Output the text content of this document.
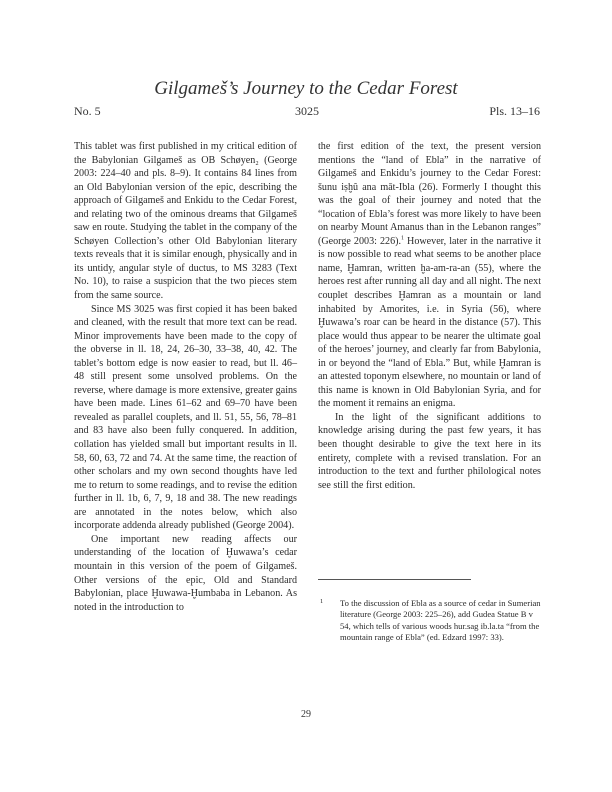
Gilgameš’s Journey to the Cedar Forest
No. 5	3025	Pls. 13–16

This tablet was first published in my critical edition of the Babylonian Gilgameš as OB Schøyen₂ (George 2003: 224–40 and pls. 8–9). It contains 84 lines from an Old Babylonian version of the epic, describing the approach of Gilgameš and Enkidu to the Cedar Forest, and relating two of the ominous dreams that Gilgameš saw en route. Studying the tablet in the company of the Schøyen Collection’s other Old Babylonian literary texts reveals that it is similar enough, physically and in its untidy, angular style of ductus, to MS 3283 (Text No. 10), to raise a suspicion that the two pieces stem from the same source.

Since MS 3025 was first copied it has been baked and cleaned, with the result that more text can be read. Minor improvements have been made to the copy of the obverse in ll. 18, 24, 26–30, 33–38, 40, 42. The tablet’s bottom edge is now easier to read, but ll. 46–48 still present some unsolved problems. On the reverse, where damage is more extensive, greater gains have been made. Lines 61–62 and 69–70 have been revealed as parallel couplets, and ll. 51, 55, 56, 78–81 and 83 have also been fully conquered. In addition, collation has yielded small but important results in ll. 58, 60, 63, 72 and 74. At the same time, the reaction of other scholars and my own second thoughts have led me to return to some readings, and to revise the edition further in ll. 1b, 6, 7, 9, 18 and 38. The new readings are annotated in the notes below, which also incorporate addenda already published (George 2004).

One important new reading affects our understanding of the location of Ḫuwawa’s cedar mountain in this version of the poem of Gilgameš. Other versions of the epic, Old and Standard Babylonian, place Ḫuwawa-Ḫumbaba in Lebanon. As noted in the introduction to

the first edition of the text, the present version mentions the “land of Ebla” in the narrative of Gilgameš and Enkidu’s journey to the Cedar Forest: šunu iṣḫû ana māt-Ibla (26). Formerly I thought this was the goal of their journey and noted that the “location of Ebla’s forest was more likely to have been on nearby Mount Amanus than in the Lebanon ranges” (George 2003: 226).$^1$ However, later in the narrative it is now possible to read what seems to be another place name, Ḫamran, written ḫa-am-ra-an (55), where the heroes rest after running all day and all night. The next couplet describes Ḫamran as a mountain or land inhabited by Amorites, i.e. in Syria (56), where Ḫuwawa’s roar can be heard in the distance (57). This place would thus appear to be nearer the ultimate goal of the heroes’ journey, and clearly far from Babylonia, in or beyond the “land of Ebla.” But, while Ḫamran is an attested toponym elsewhere, no mountain or land of this name is known in Old Babylonian Syria, and for the moment it remains an enigma.

In the light of the significant additions to knowledge arising during the past few years, it has been thought desirable to give the text here in its entirety, complete with a revised translation. For an introduction to the text and further philological notes see still the first edition.

1 To the discussion of Ebla as a source of cedar in Sumerian literature (George 2003: 225–26), add Gudea Statue B v 54, which tells of various woods hur.sag ib.la.ta “from the mountain range of Ebla” (ed. Edzard 1997: 33).
29
